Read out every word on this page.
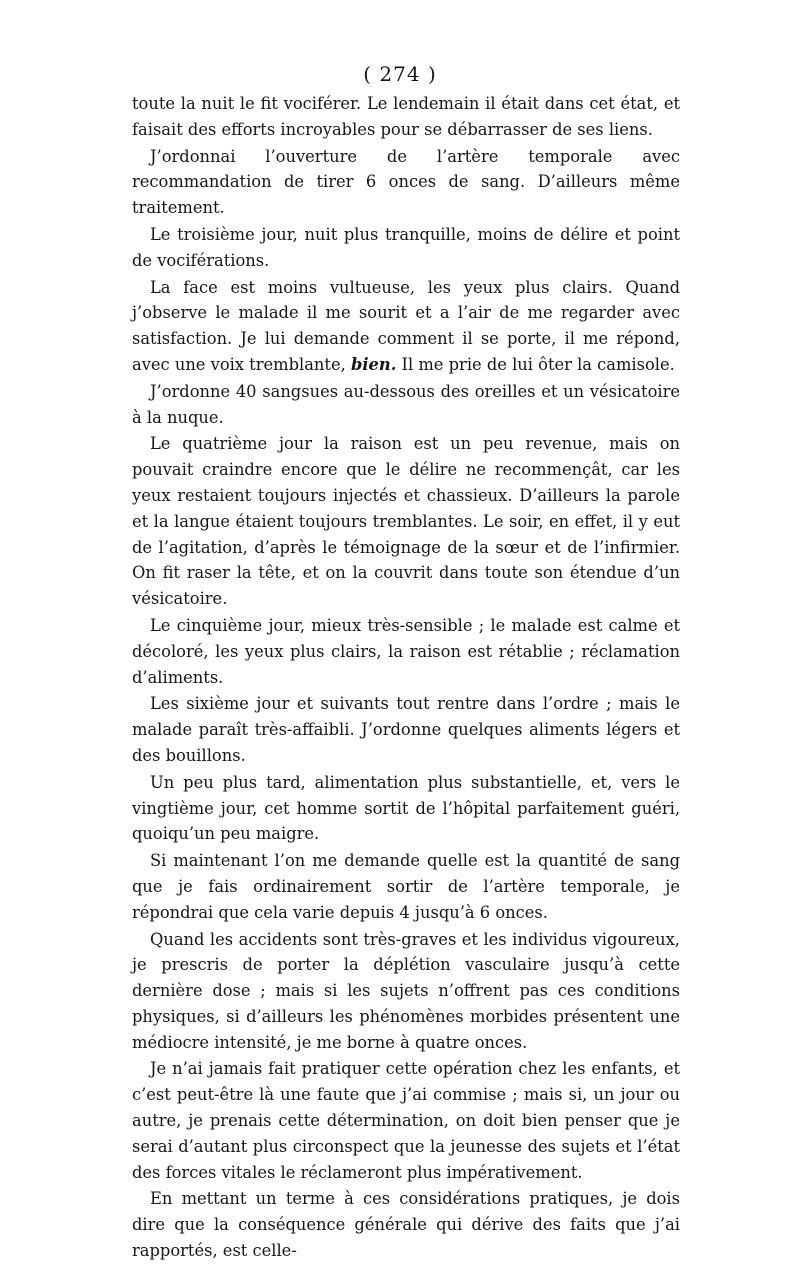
( 274 )

toute la nuit le fit vociférer. Le lendemain il était dans cet état, et faisait des efforts incroyables pour se débarrasser de ses liens.

J’ordonnai l’ouverture de l’artère temporale avec recommandation de tirer 6 onces de sang. D’ailleurs même traitement.

Le troisième jour, nuit plus tranquille, moins de délire et point de vociférations.

La face est moins vultueuse, les yeux plus clairs. Quand j’observe le malade il me sourit et a l’air de me regarder avec satisfaction. Je lui demande comment il se porte, il me répond, avec une voix tremblante, bien. Il me prie de lui ôter la camisole.

J’ordonne 40 sangsues au-dessous des oreilles et un vésicatoire à la nuque.

Le quatrième jour la raison est un peu revenue, mais on pouvait craindre encore que le délire ne recommençât, car les yeux restaient toujours injectés et chassieux. D’ailleurs la parole et la langue étaient toujours tremblantes. Le soir, en effet, il y eut de l’agitation, d’après le témoignage de la sœur et de l’infirmier. On fit raser la tête, et on la couvrit dans toute son étendue d’un vésicatoire.

Le cinquième jour, mieux très-sensible ; le malade est calme et décoloré, les yeux plus clairs, la raison est rétablie ; réclamation d’aliments.

Les sixième jour et suivants tout rentre dans l’ordre ; mais le malade paraît très-affaibli. J’ordonne quelques aliments légers et des bouillons.

Un peu plus tard, alimentation plus substantielle, et, vers le vingtième jour, cet homme sortit de l’hôpital parfaitement guéri, quoiqu’un peu maigre.

Si maintenant l’on me demande quelle est la quantité de sang que je fais ordinairement sortir de l’artère temporale, je répondrai que cela varie depuis 4 jusqu’à 6 onces.

Quand les accidents sont très-graves et les individus vigoureux, je prescris de porter la déplétion vasculaire jusqu’à cette dernière dose ; mais si les sujets n’offrent pas ces conditions physiques, si d’ailleurs les phénomènes morbides présentent une médiocre intensité, je me borne à quatre onces.

Je n’ai jamais fait pratiquer cette opération chez les enfants, et c’est peut-être là une faute que j’ai commise ; mais si, un jour ou autre, je prenais cette détermination, on doit bien penser que je serai d’autant plus circonspect que la jeunesse des sujets et l’état des forces vitales le réclameront plus impérativement.

En mettant un terme à ces considérations pratiques, je dois dire que la conséquence générale qui dérive des faits que j’ai rapportés, est celle-
